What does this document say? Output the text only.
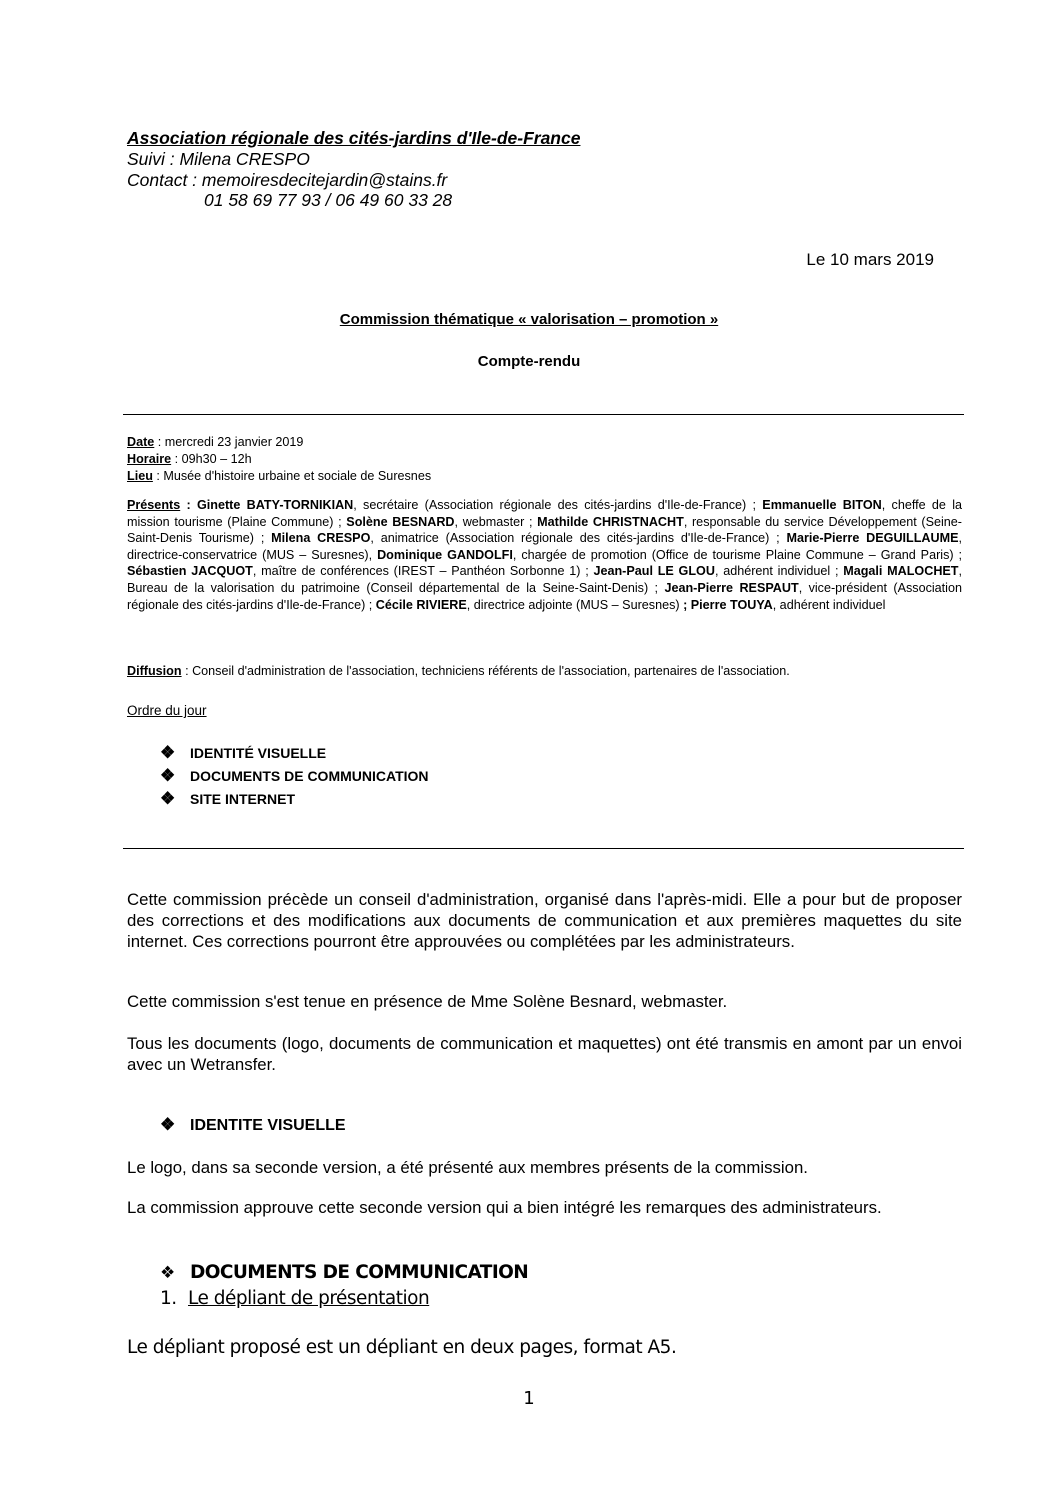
Association régionale des cités-jardins d'Ile-de-France
Suivi : Milena CRESPO
Contact : memoiresdecitejardin@stains.fr
01 58 69 77 93 / 06 49 60 33 28
Le 10 mars 2019
Commission thématique « valorisation – promotion »
Compte-rendu
Date : mercredi 23 janvier 2019
Horaire : 09h30 – 12h
Lieu : Musée d'histoire urbaine et sociale de Suresnes
Présents : Ginette BATY-TORNIKIAN, secrétaire (Association régionale des cités-jardins d'Ile-de-France) ; Emmanuelle BITON, cheffe de la mission tourisme (Plaine Commune) ; Solène BESNARD, webmaster ; Mathilde CHRISTNACHT, responsable du service Développement (Seine-Saint-Denis Tourisme) ; Milena CRESPO, animatrice (Association régionale des cités-jardins d'Ile-de-France) ; Marie-Pierre DEGUILLAUME, directrice-conservatrice (MUS – Suresnes), Dominique GANDOLFI, chargée de promotion (Office de tourisme Plaine Commune – Grand Paris) ; Sébastien JACQUOT, maître de conférences (IREST – Panthéon Sorbonne 1) ; Jean-Paul LE GLOU, adhérent individuel ; Magali MALOCHET, Bureau de la valorisation du patrimoine (Conseil départemental de la Seine-Saint-Denis) ; Jean-Pierre RESPAUT, vice-président (Association régionale des cités-jardins d'Ile-de-France) ; Cécile RIVIERE, directrice adjointe (MUS – Suresnes) ; Pierre TOUYA, adhérent individuel
Diffusion : Conseil d'administration de l'association, techniciens référents de l'association, partenaires de l'association.
Ordre du jour
❖ IDENTITÉ VISUELLE
❖ DOCUMENTS DE COMMUNICATION
❖ SITE INTERNET
Cette commission précède un conseil d'administration, organisé dans l'après-midi. Elle a pour but de proposer des corrections et des modifications aux documents de communication et aux premières maquettes du site internet. Ces corrections pourront être approuvées ou complétées par les administrateurs.
Cette commission s'est tenue en présence de Mme Solène Besnard, webmaster.
Tous les documents (logo, documents de communication et maquettes) ont été transmis en amont par un envoi avec un Wetransfer.
❖ IDENTITE VISUELLE
Le logo, dans sa seconde version, a été présenté aux membres présents de la commission.
La commission approuve cette seconde version qui a bien intégré les remarques des administrateurs.
❖ DOCUMENTS DE COMMUNICATION
1. Le dépliant de présentation
Le dépliant proposé est un dépliant en deux pages, format A5.
1
